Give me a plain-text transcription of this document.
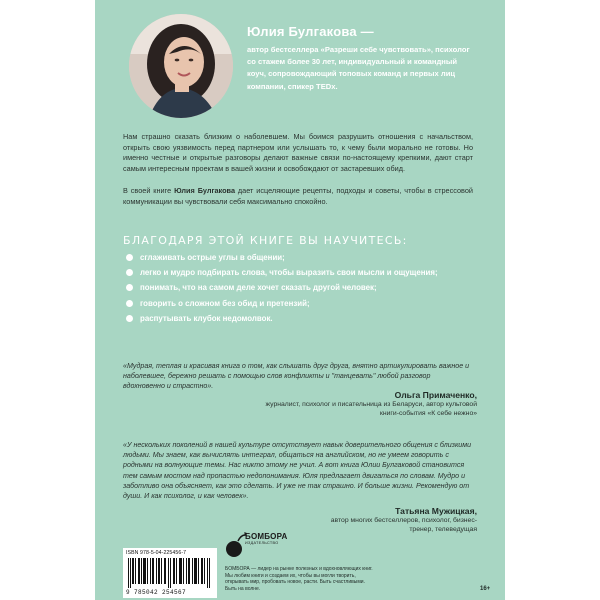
Юлия Булгакова —
автор бестселлера «Разреши себе чувствовать», психолог со стажем более 30 лет, индивидуальный и командный коуч, сопровождающий топовых команд и первых лиц компании, спикер TEDx.
Нам страшно сказать близким о наболевшем. Мы боимся разрушить отношения с начальством, открыть свою уязвимость перед партнером или услышать то, к чему были морально не готовы. Но именно честные и открытые разговоры делают важные связи по-настоящему крепкими, дают старт самым интересным проектам в вашей жизни и освобождают от застаревших обид.
В своей книге Юлия Булгакова дает исцеляющие рецепты, подходы и советы, чтобы в стрессовой коммуникации вы чувствовали себя максимально спокойно.
БЛАГОДАРЯ ЭТОЙ КНИГЕ ВЫ НАУЧИТЕСЬ:
сглаживать острые углы в общении;
легко и мудро подбирать слова, чтобы выразить свои мысли и ощущения;
понимать, что на самом деле хочет сказать другой человек;
говорить о сложном без обид и претензий;
распутывать клубок недомолвок.
«Мудрая, теплая и красивая книга о том, как слышать друг друга, внятно артикулировать важное и наболевшее, бережно решать с помощью слов конфликты и "танцевать" любой разговор вдохновенно и страстно».
Ольга Примаченко,
журналист, психолог и писательница из Беларуси, автор культовой книги-события «К себе нежно»
«У нескольких поколений в нашей культуре отсутствует навык доверительного общения с близкими людьми. Мы знаем, как вычислять интеграл, общаться на английском, но не умеем говорить с родными на волнующие темы. Нас никто этому не учил. А вот книга Юлии Булгаковой становится тем самым мостом над пропастью недопонимания. Юля предлагает двигаться по словам. Мудро и заботливо она объясняет, как это сделать. И уже не так страшно. И больше жизни. Рекомендую от души. И как психолог, и как человек».
Татьяна Мужицкая,
автор многих бестселлеров, психолог, бизнес-тренер, телеведущая
ISBN 978-5-04-225456-7
9 785042 254567
БОМБОРА
ИЗДАТЕЛЬСТВО
БОМБОРА — лидер на рынке полезных и вдохновляющих книг. Мы любим книги и создаем их, чтобы вы могли творить, открывать мир, пробовать новое, расти. Быть счастливыми. Быть на волне.	16+
